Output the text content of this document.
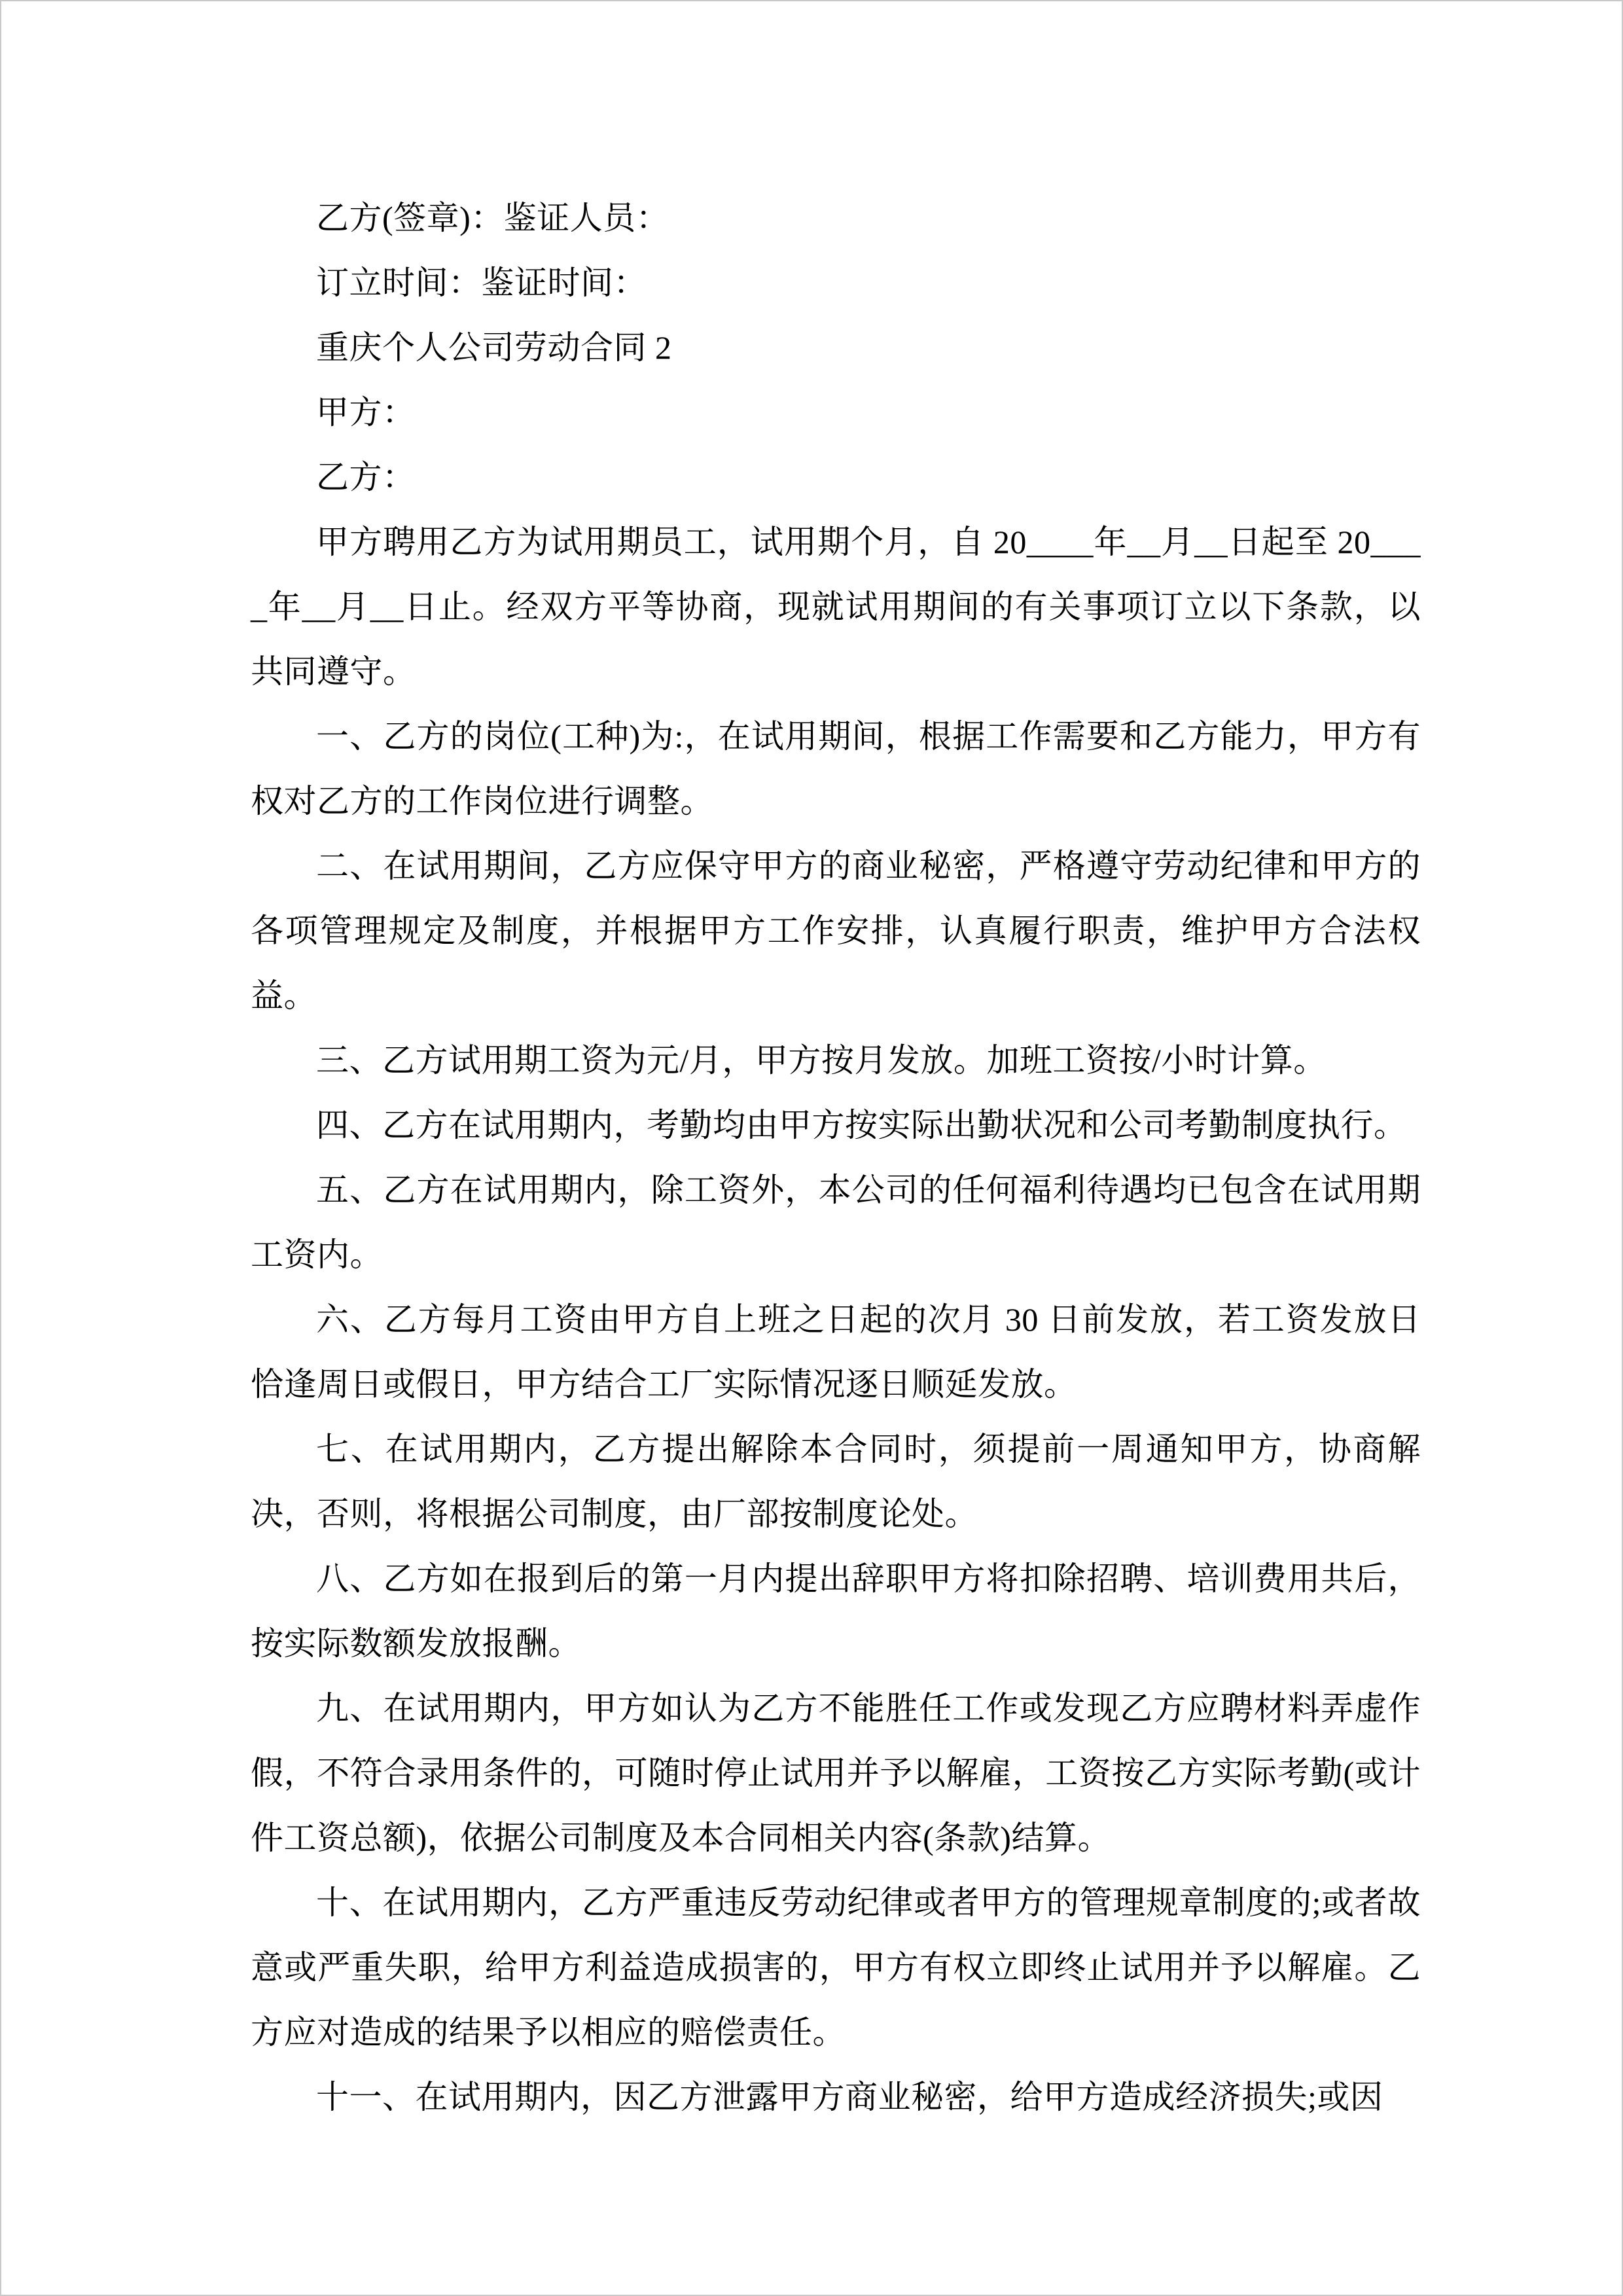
乙方(签章)：鉴证人员：

订立时间：鉴证时间：

重庆个人公司劳动合同 2

甲方：

乙方：

甲方聘用乙方为试用期员工，试用期个月，自 20____年__月__日起至 20____年__月__日止。经双方平等协商，现就试用期间的有关事项订立以下条款，以共同遵守。

一、乙方的岗位(工种)为:，在试用期间，根据工作需要和乙方能力，甲方有权对乙方的工作岗位进行调整。

二、在试用期间，乙方应保守甲方的商业秘密，严格遵守劳动纪律和甲方的各项管理规定及制度，并根据甲方工作安排，认真履行职责，维护甲方合法权益。

三、乙方试用期工资为元/月，甲方按月发放。加班工资按/小时计算。

四、乙方在试用期内，考勤均由甲方按实际出勤状况和公司考勤制度执行。

五、乙方在试用期内，除工资外，本公司的任何福利待遇均已包含在试用期工资内。

六、乙方每月工资由甲方自上班之日起的次月 30 日前发放，若工资发放日恰逢周日或假日，甲方结合工厂实际情况逐日顺延发放。

七、在试用期内，乙方提出解除本合同时，须提前一周通知甲方，协商解决，否则，将根据公司制度，由厂部按制度论处。

八、乙方如在报到后的第一月内提出辞职甲方将扣除招聘、培训费用共后，按实际数额发放报酬。

九、在试用期内，甲方如认为乙方不能胜任工作或发现乙方应聘材料弄虚作假，不符合录用条件的，可随时停止试用并予以解雇，工资按乙方实际考勤(或计件工资总额)，依据公司制度及本合同相关内容(条款)结算。

十、在试用期内，乙方严重违反劳动纪律或者甲方的管理规章制度的;或者故意或严重失职，给甲方利益造成损害的，甲方有权立即终止试用并予以解雇。乙方应对造成的结果予以相应的赔偿责任。

十一、在试用期内，因乙方泄露甲方商业秘密，给甲方造成经济损失;或因
